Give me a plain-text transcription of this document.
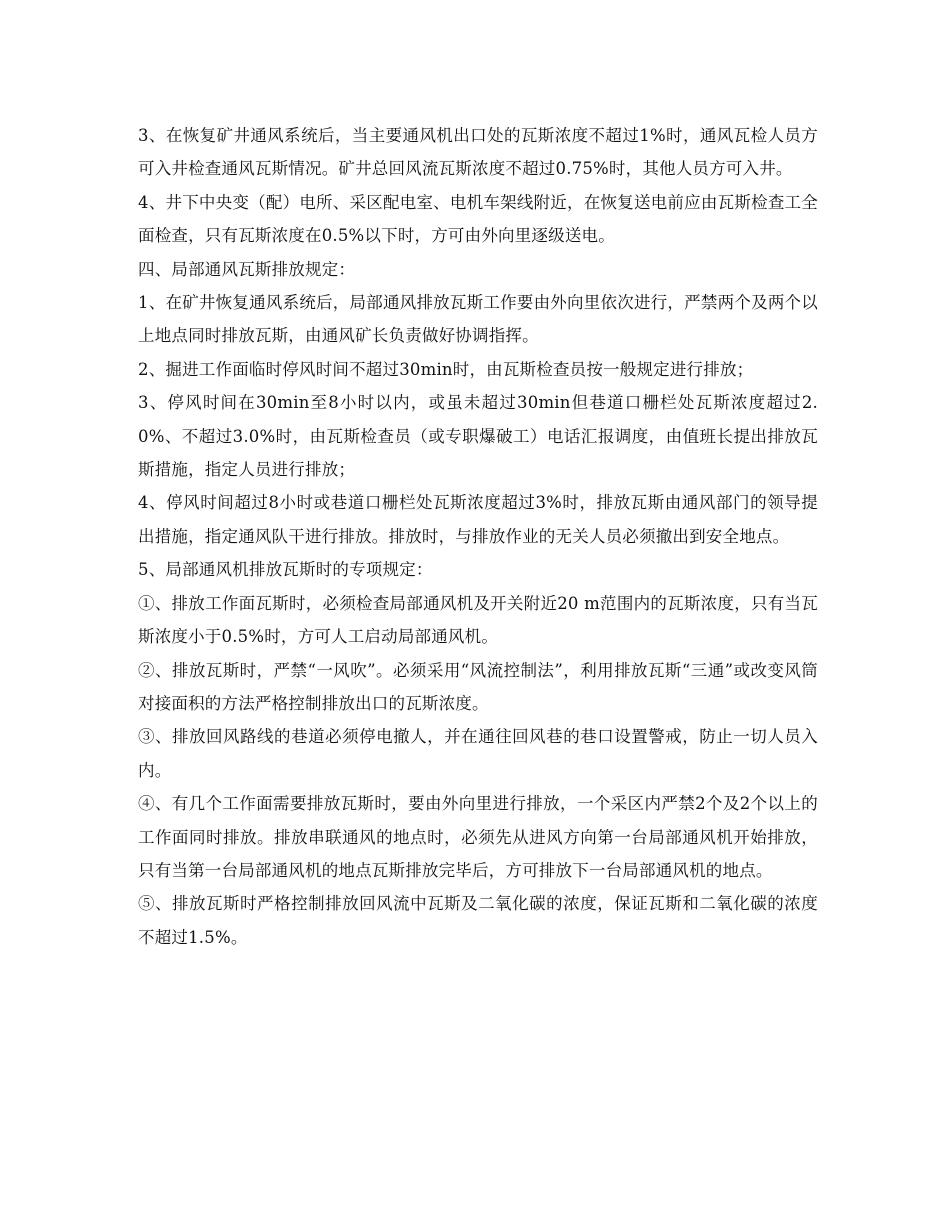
3、在恢复矿井通风系统后，当主要通风机出口处的瓦斯浓度不超过1%时，通风瓦检人员方可入井检查通风瓦斯情况。矿井总回风流瓦斯浓度不超过0.75%时，其他人员方可入井。

4、井下中央变（配）电所、采区配电室、电机车架线附近，在恢复送电前应由瓦斯检查工全面检查，只有瓦斯浓度在0.5%以下时，方可由外向里逐级送电。

四、局部通风瓦斯排放规定：

1、在矿井恢复通风系统后，局部通风排放瓦斯工作要由外向里依次进行，严禁两个及两个以上地点同时排放瓦斯，由通风矿长负责做好协调指挥。

2、掘进工作面临时停风时间不超过30min时，由瓦斯检查员按一般规定进行排放；

3、停风时间在30min至8小时以内，或虽未超过30min但巷道口栅栏处瓦斯浓度超过2.0%、不超过3.0%时，由瓦斯检查员（或专职爆破工）电话汇报调度，由值班长提出排放瓦斯措施，指定人员进行排放；

4、停风时间超过8小时或巷道口栅栏处瓦斯浓度超过3%时，排放瓦斯由通风部门的领导提出措施，指定通风队干进行排放。排放时，与排放作业的无关人员必须撤出到安全地点。

5、局部通风机排放瓦斯时的专项规定：

①、排放工作面瓦斯时，必须检查局部通风机及开关附近20 m范围内的瓦斯浓度，只有当瓦斯浓度小于0.5%时，方可人工启动局部通风机。

②、排放瓦斯时，严禁“一风吹”。必须采用“风流控制法”，利用排放瓦斯“三通”或改变风筒对接面积的方法严格控制排放出口的瓦斯浓度。

③、排放回风路线的巷道必须停电撤人，并在通往回风巷的巷口设置警戒，防止一切人员入内。

④、有几个工作面需要排放瓦斯时，要由外向里进行排放，一个采区内严禁2个及2个以上的工作面同时排放。排放串联通风的地点时，必须先从进风方向第一台局部通风机开始排放，只有当第一台局部通风机的地点瓦斯排放完毕后，方可排放下一台局部通风机的地点。

⑤、排放瓦斯时严格控制排放回风流中瓦斯及二氧化碳的浓度，保证瓦斯和二氧化碳的浓度不超过1.5%。
